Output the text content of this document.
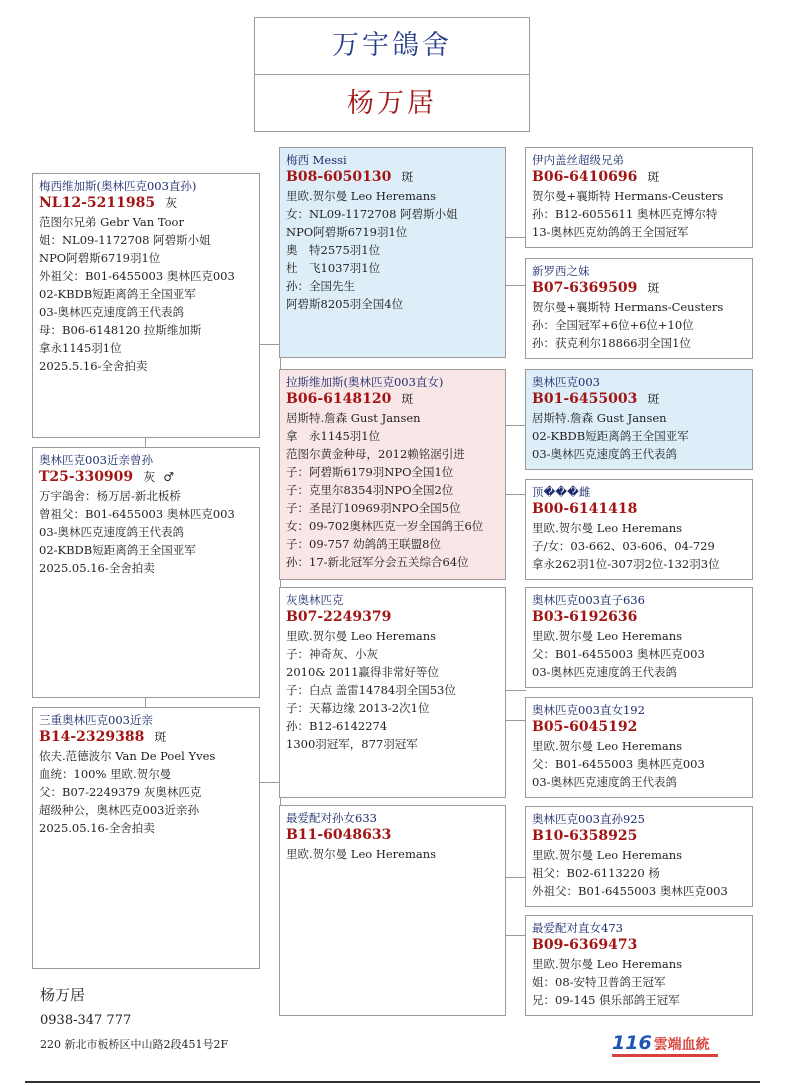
万宇鴿舍
杨万居
梅西维加斯(奥林匹克003直孙)
NL12-5211985 灰
范图尔兄弟 Gebr Van Toor
姐：NL09-1172708 阿碧斯小姐
NPO阿碧斯6719羽1位
外祖父：B01-6455003 奥林匹克003
02-KBDB短距离鸽王全国亚军
03-奥林匹克速度鸽王代表鸽
母：B06-6148120 拉斯维加斯
拿永1145羽1位
2025.5.16-全舍拍卖
奥林匹克003近亲曾孙
T25-330909 灰 ♂
万宇鴿舍：杨万居-新北板桥
曾祖父：B01-6455003 奥林匹克003
03-奥林匹克速度鸽王代表鸽
02-KBDB短距离鸽王全国亚军
2025.05.16-全舍拍卖
三重奥林匹克003近亲
B14-2329388 斑
依夫.范德波尔 Van De Poel Yves
血统：100% 里欧.贺尔曼
父：B07-2249379 灰奥林匹克
超级种公，奥林匹克003近亲孙
2025.05.16-全舍拍卖
梅西 Messi
B08-6050130 斑
里欧.贺尔曼 Leo Heremans
女：NL09-1172708 阿碧斯小姐
NPO阿碧斯6719羽1位
奧　特2575羽1位
杜　飞1037羽1位
孙：全国先生
阿碧斯8205羽全国4位
拉斯维加斯(奥林匹克003直女)
B06-6148120 斑
居斯特.詹森 Gust Jansen
拿　永1145羽1位
范图尔黄金种母，2012赖铭涺引进
子：阿碧斯6179羽NPO全国1位
子：克里尔8354羽NPO全国2位
子：圣昆汀10969羽NPO全国5位
女：09-702奥林匹克一岁全国鸽王6位
子：09-757 幼鸽鸽王联盟8位
孙：17-新北冠军分会五关综合64位
灰奥林匹克
B07-2249379
里欧.贺尔曼 Leo Heremans
子：神奇灰、小灰
2010& 2011赢得非常好等位
子：白点 盖雷14784羽全国53位
子：天幕边缘 2013-2次1位
孙：B12-6142274
1300羽冠军，877羽冠军
最爱配对孙女633
B11-6048633
里欧.贺尔曼 Leo Heremans
伊内盖丝超级兄弟
B06-6410696 斑
贺尔曼+襄斯特 Hermans-Ceusters
孙：B12-6055611 奥林匹克博尔特
13-奥林匹克幼鸽鸽王全国冠军
新罗西之妹
B07-6369509 斑
贺尔曼+襄斯特 Hermans-Ceusters
孙：全国冠军+6位+6位+10位
孙：获克利尔18866羽全国1位
奥林匹克003
B01-6455003 斑
居斯特.詹森 Gust Jansen
02-KBDB短距离鸽王全国亚军
03-奥林匹克速度鸽王代表鸽
顶���雌
B00-6141418
里欧.贺尔曼 Leo Heremans
子/女：03-662、03-606、04-729
拿永262羽1位-307羽2位-132羽3位
奥林匹克003直子636
B03-6192636
里欧.贺尔曼 Leo Heremans
父：B01-6455003 奥林匹克003
03-奥林匹克速度鸽王代表鸽
奥林匹克003直女192
B05-6045192
里欧.贺尔曼 Leo Heremans
父：B01-6455003 奥林匹克003
03-奥林匹克速度鸽王代表鸽
奥林匹克003直孙925
B10-6358925
里欧.贺尔曼 Leo Heremans
祖父：B02-6113220 杨
外祖父：B01-6455003 奥林匹克003
最爱配对直女473
B09-6369473
里欧.贺尔曼 Leo Heremans
姐：08-安特卫普鸽王冠军
兄：09-145 俱乐部鸽王冠军
杨万居
0938-347 777
220 新北市板桥区中山路2段451号2F	116 雲端血統
